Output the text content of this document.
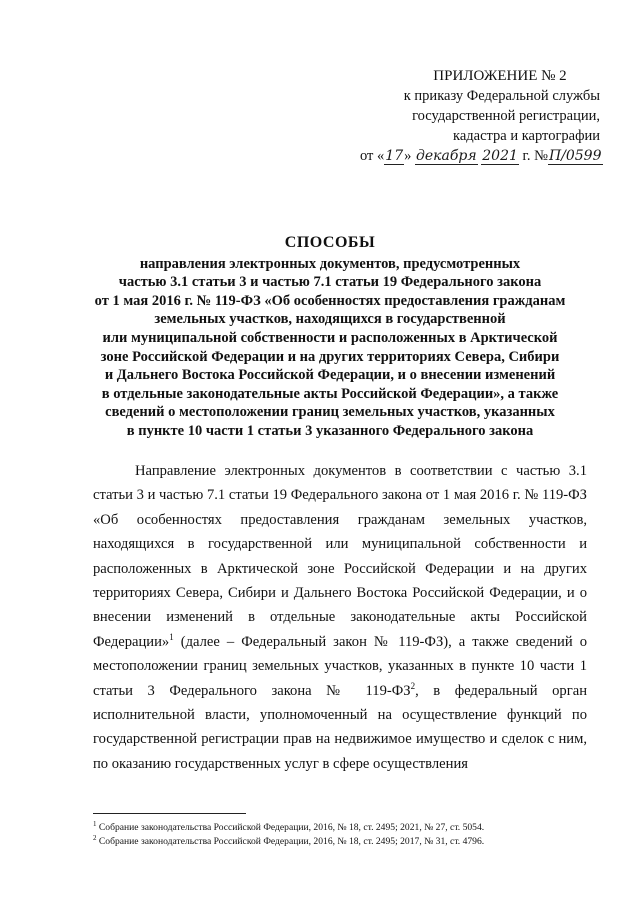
ПРИЛОЖЕНИЕ № 2
к приказу Федеральной службы
государственной регистрации,
кадастра и картографии
от «17» декабря 2021 г. №П/0599
СПОСОБЫ
направления электронных документов, предусмотренных
частью 3.1 статьи 3 и частью 7.1 статьи 19 Федерального закона
от 1 мая 2016 г. № 119-ФЗ «Об особенностях предоставления гражданам
земельных участков, находящихся в государственной
или муниципальной собственности и расположенных в Арктической
зоне Российской Федерации и на других территориях Севера, Сибири
и Дальнего Востока Российской Федерации, и о внесении изменений
в отдельные законодательные акты Российской Федерации», а также
сведений о местоположении границ земельных участков, указанных
в пункте 10 части 1 статьи 3 указанного Федерального закона

Направление электронных документов в соответствии с частью 3.1 статьи 3 и частью 7.1 статьи 19 Федерального закона от 1 мая 2016 г. № 119-ФЗ «Об особенностях предоставления гражданам земельных участков, находящихся в государственной или муниципальной собственности и расположенных в Арктической зоне Российской Федерации и на других территориях Севера, Сибири и Дальнего Востока Российской Федерации, и о внесении изменений в отдельные законодательные акты Российской Федерации»$^1$ (далее – Федеральный закон № 119-ФЗ), а также сведений о местоположении границ земельных участков, указанных в пункте 10 части 1 статьи 3 Федерального закона № $119-ФЗ^2$, в федеральный орган исполнительной власти, уполномоченный на осуществление функций по государственной регистрации прав на недвижимое имущество и сделок с ним, по оказанию государственных услуг в сфере осуществления

$^1$ Собрание законодательства Российской Федерации, 2016, № 18, ст. 2495; 2021, № 27, ст. 5054.
$^2$ Собрание законодательства Российской Федерации, 2016, № 18, ст. 2495; 2017, № 31, ст. 4796.
